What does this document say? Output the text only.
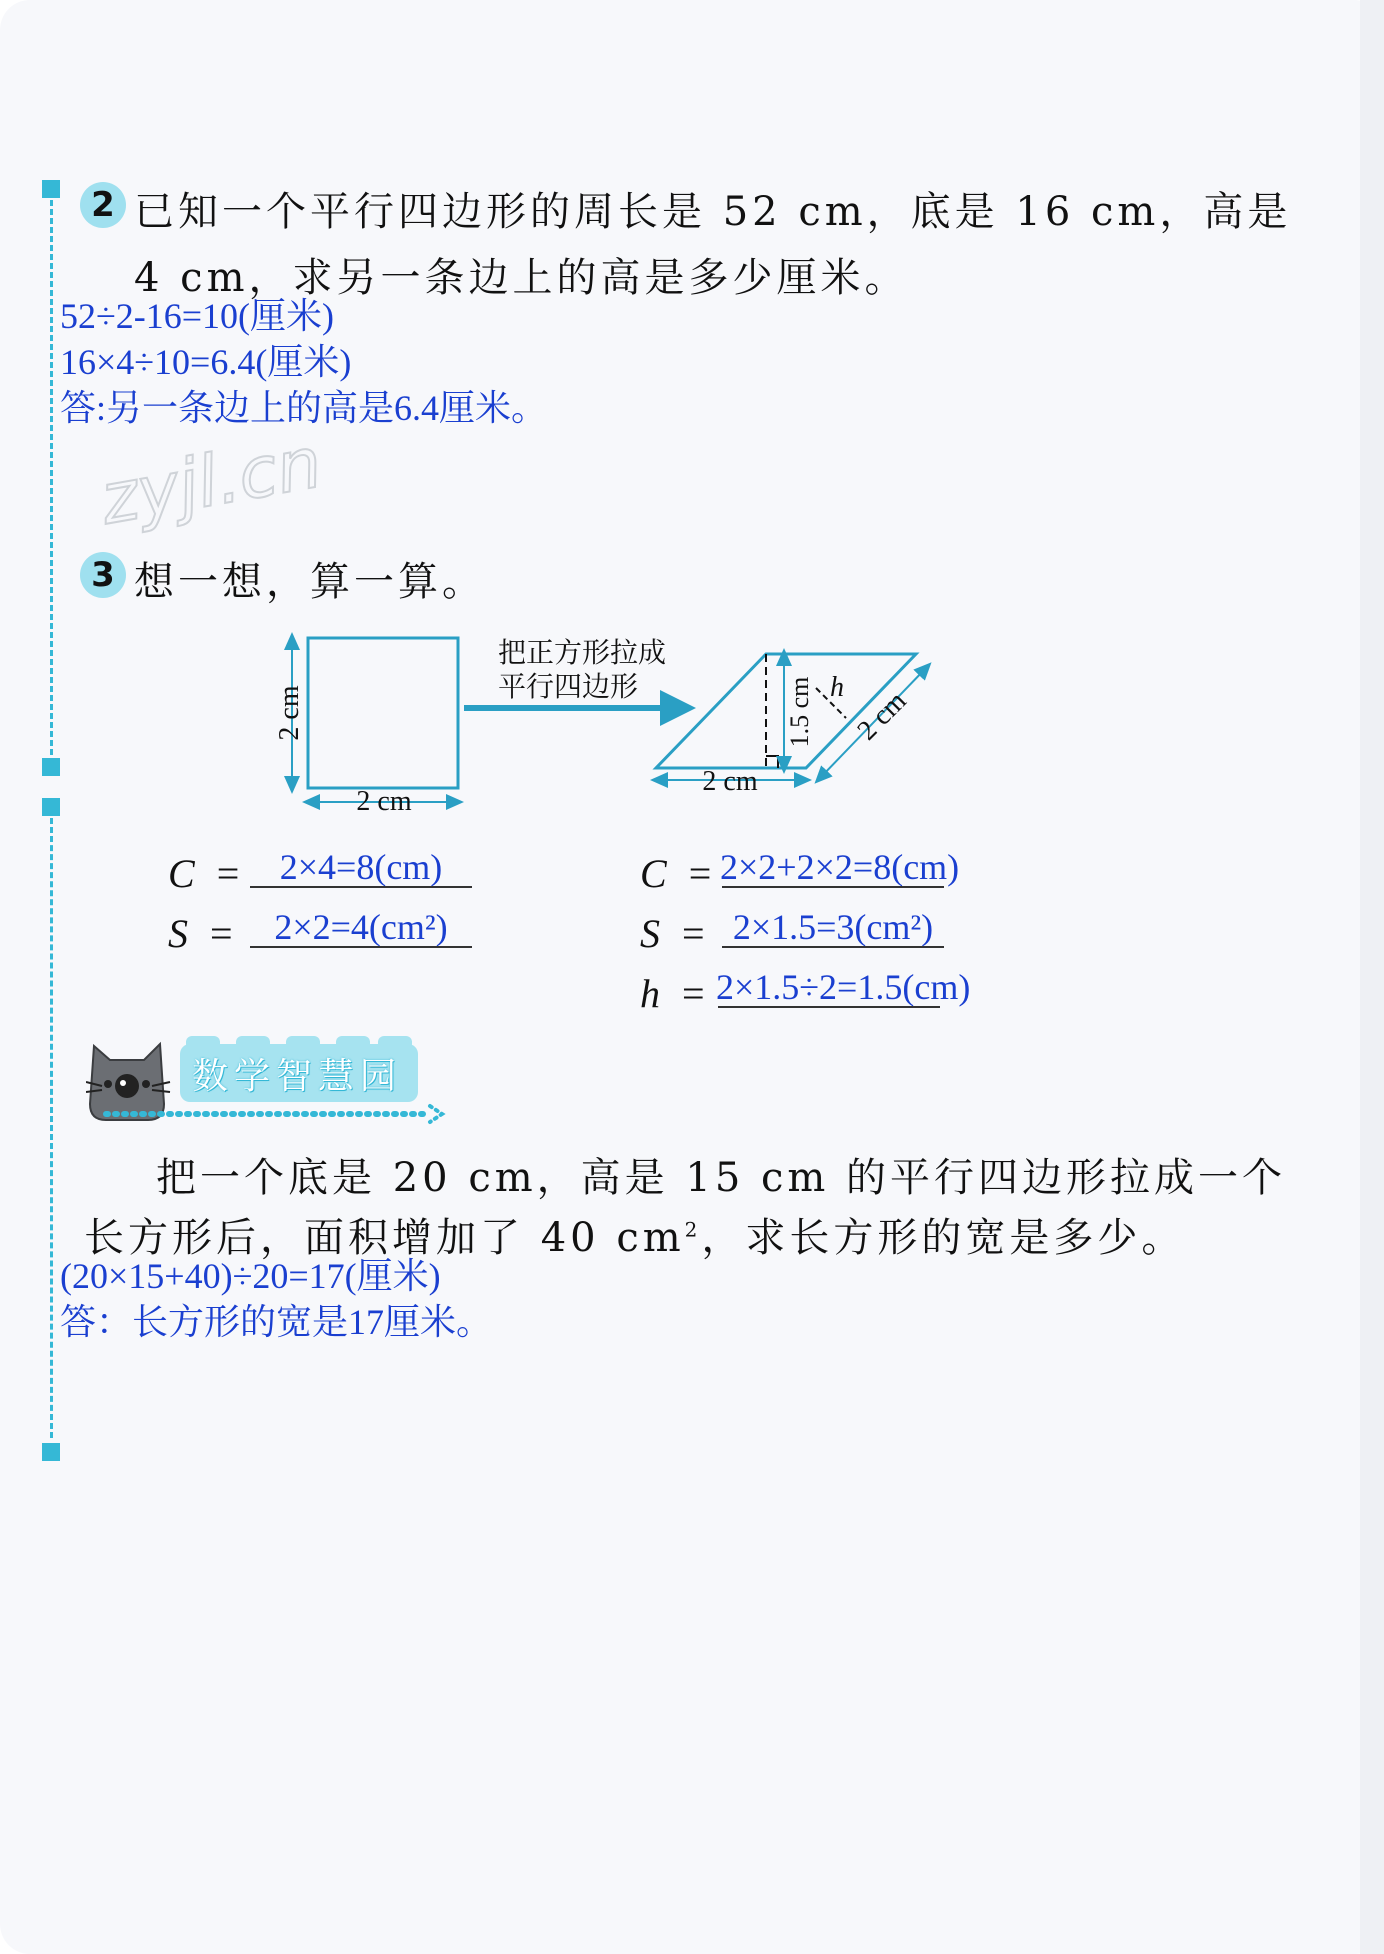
2 已知一个平行四边形的周长是 52 cm，底是 16 cm，高是
4 cm，求另一条边上的高是多少厘米。
52÷2-16=10(厘米)
16×4÷10=6.4(厘米)
答:另一条边上的高是6.4厘米。
zyjl.cn
3 想一想，算一算。
2 cm
2 cm
把正方形拉成
平行四边形	1.5 cm h 2 cm
2 cm
C =	2×4=8(cm)
S =	2×2=4(cm²)
C = 2×2+2×2=8(cm)
S = 2×1.5=3(cm²)
h = 2×1.5÷2=1.5(cm)
数学智慧园
把一个底是 20 cm，高是 15 cm 的平行四边形拉成一个
长方形后，面积增加了 40 $cm^2$，求长方形的宽是多少。
(20×15+40)÷20=17(厘米)
答：长方形的宽是17厘米。
